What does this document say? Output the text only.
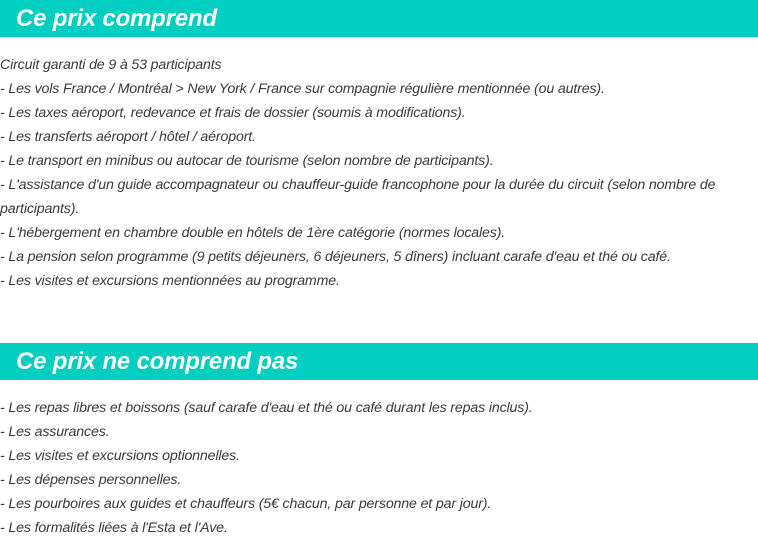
Ce prix comprend
Circuit garanti de 9 à 53 participants
- Les vols France / Montréal > New York / France sur compagnie régulière mentionnée (ou autres).
- Les taxes aéroport, redevance et frais de dossier (soumis à modifications).
- Les transferts aéroport / hôtel / aéroport.
- Le transport en minibus ou autocar de tourisme (selon nombre de participants).
- L'assistance d'un guide accompagnateur ou chauffeur-guide francophone pour la durée du circuit (selon nombre de participants).
- L'hébergement en chambre double en hôtels de 1ère catégorie (normes locales).
- La pension selon programme (9 petits déjeuners, 6 déjeuners, 5 dîners) incluant carafe d'eau et thé ou café.
- Les visites et excursions mentionnées au programme.
Ce prix ne comprend pas
- Les repas libres et boissons (sauf carafe d'eau et thé ou café durant les repas inclus).
- Les assurances.
- Les visites et excursions optionnelles.
- Les dépenses personnelles.
- Les pourboires aux guides et chauffeurs (5€ chacun, par personne et par jour).
- Les formalités liées à l'Esta et l'Ave.
